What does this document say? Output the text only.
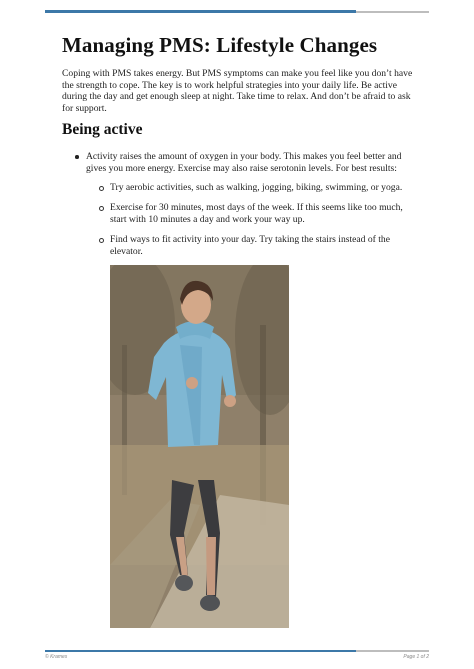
Managing PMS: Lifestyle Changes

Coping with PMS takes energy. But PMS symptoms can make you feel like you don’t have the strength to cope. The key is to work helpful strategies into your daily life. Be active during the day and get enough sleep at night. Take time to relax. And don’t be afraid to ask for support.

Being active

Activity raises the amount of oxygen in your body. This makes you feel better and gives you more energy. Exercise may also raise serotonin levels. For best results:

Try aerobic activities, such as walking, jogging, biking, swimming, or yoga.

Exercise for 30 minutes, most days of the week. If this seems like too much, start with 10 minutes a day and work your way up.

Find ways to fit activity into your day. Try taking the stairs instead of the elevator.

© Krames	Page 1 of 2
